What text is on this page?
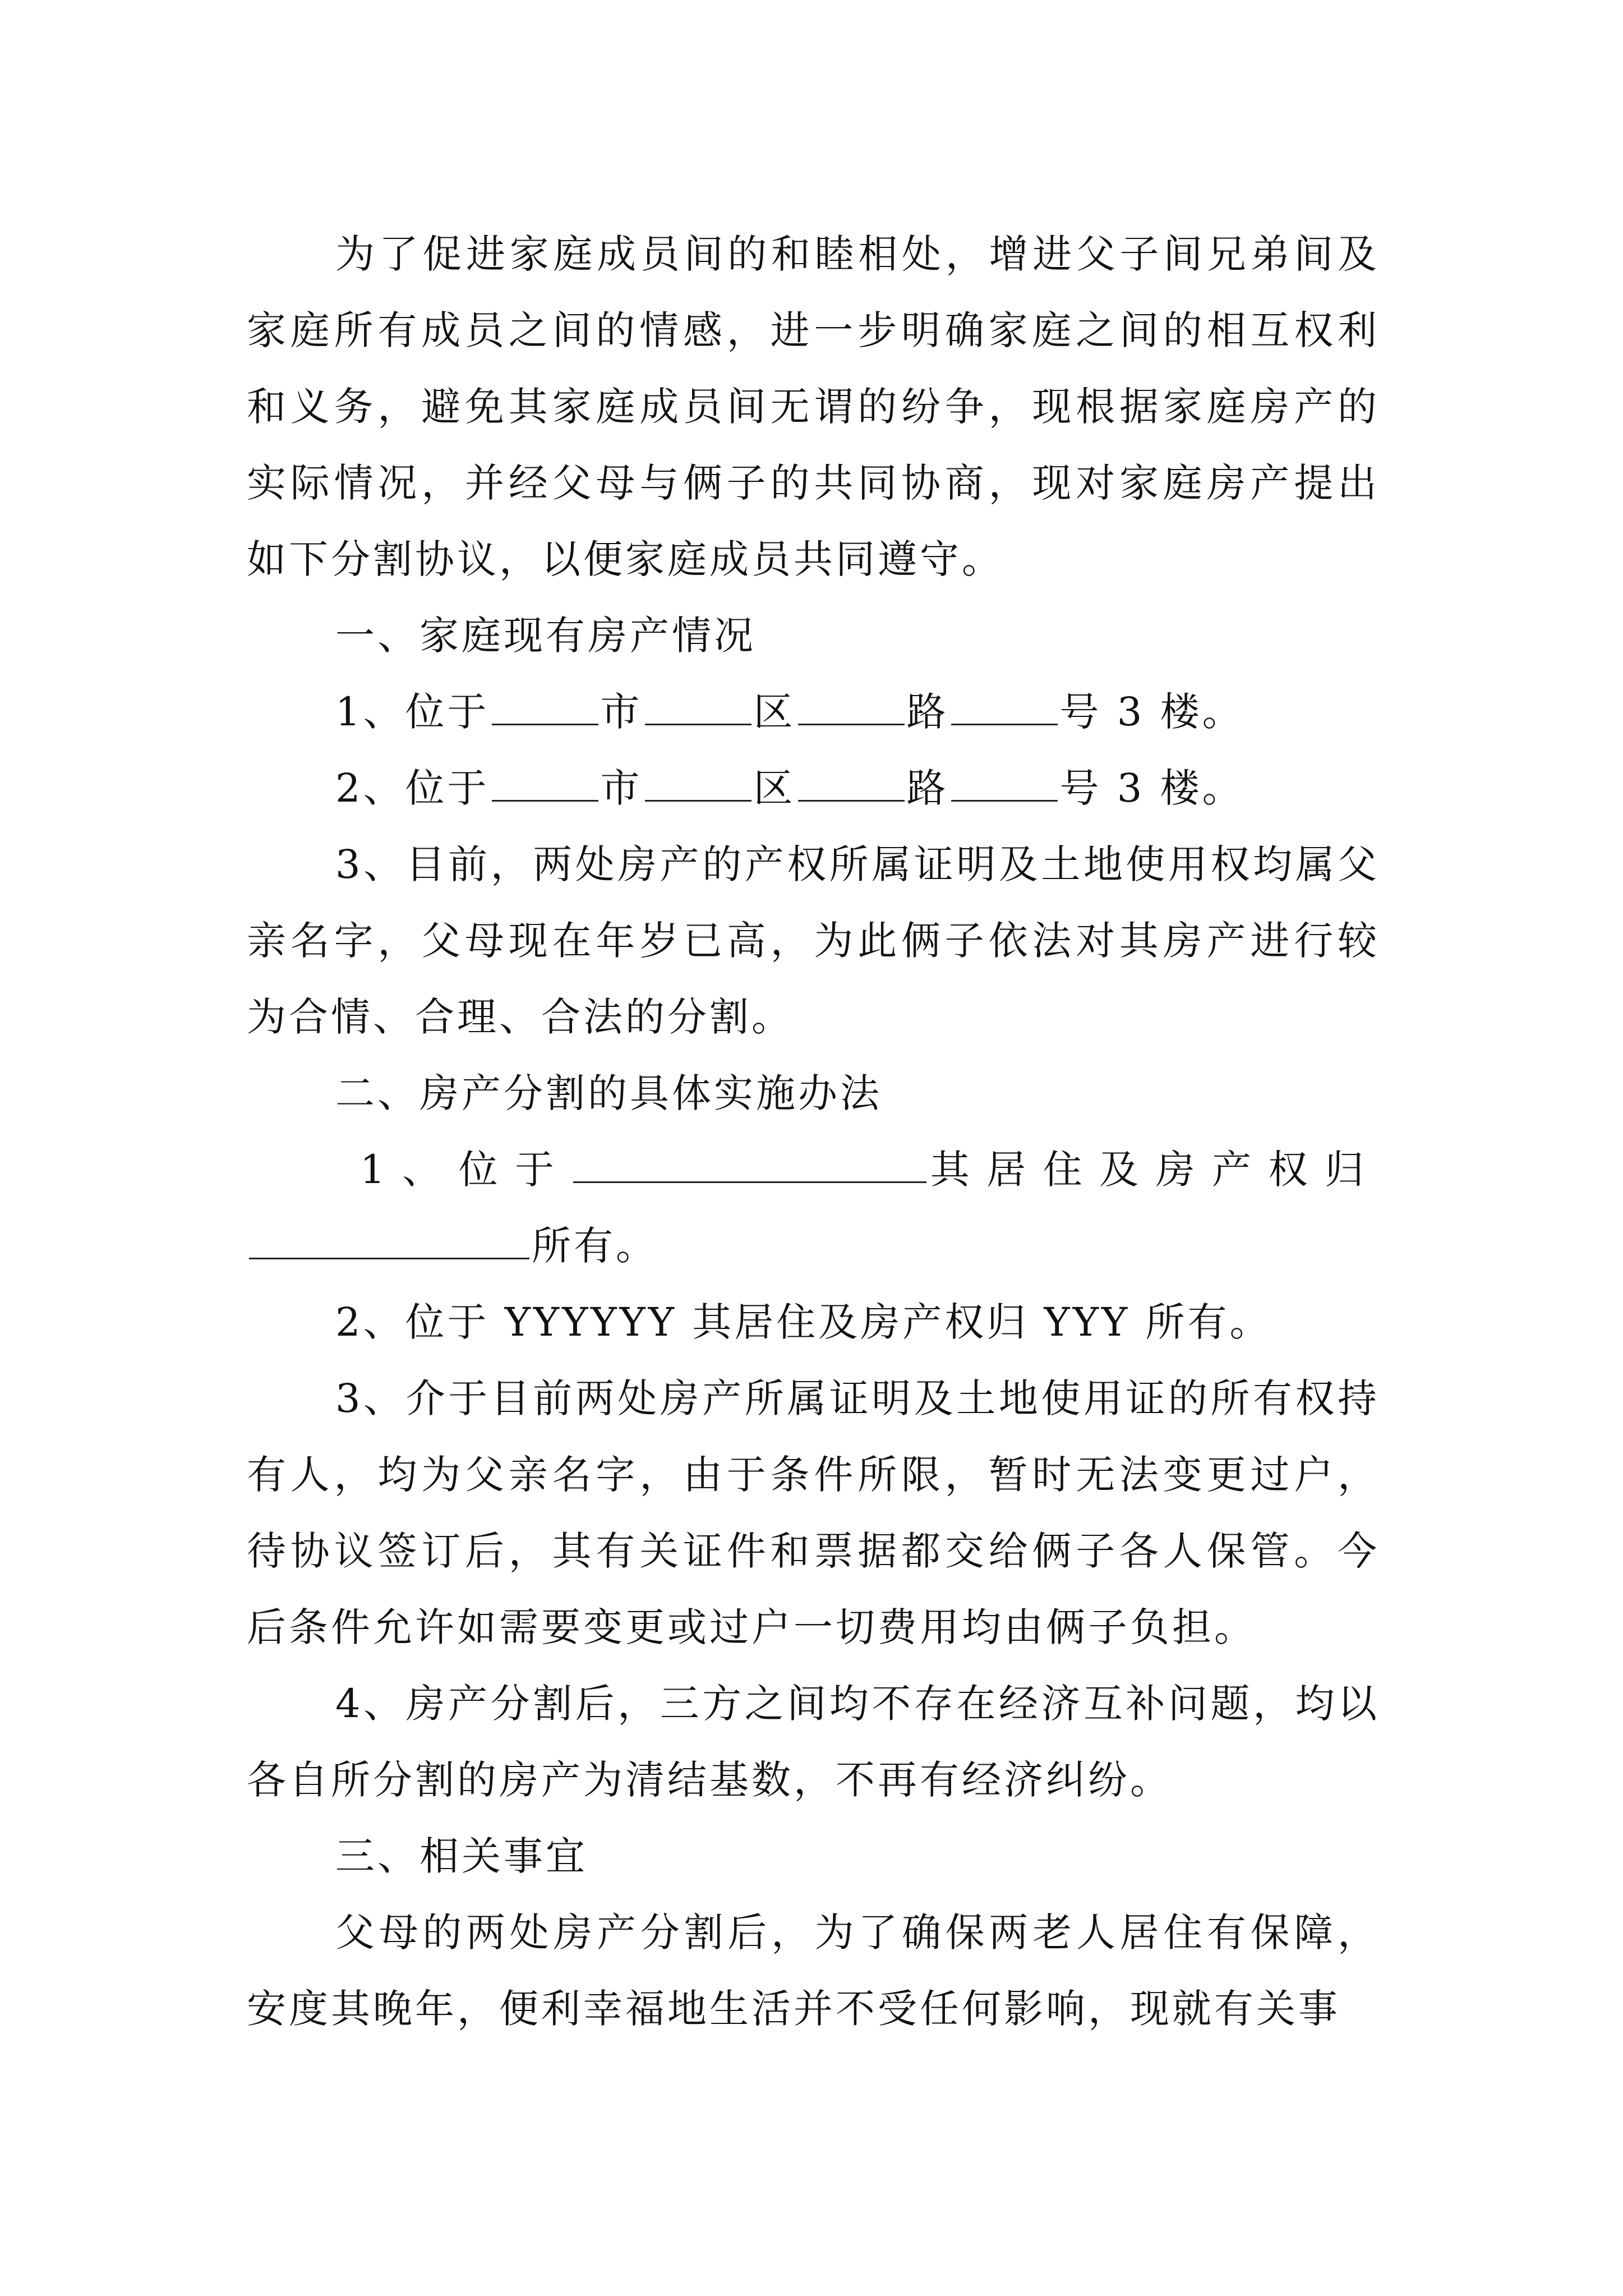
为了促进家庭成员间的和睦相处，增进父子间兄弟间及家庭所有成员之间的情感，进一步明确家庭之间的相互权利和义务，避免其家庭成员间无谓的纷争，现根据家庭房产的实际情况，并经父母与俩子的共同协商，现对家庭房产提出如下分割协议，以便家庭成员共同遵守。

一、家庭现有房产情况

1、位于	市	区	路	号 3 楼。

2、位于	市	区	路	号 3 楼。

3、目前，两处房产的产权所属证明及土地使用权均属父亲名字，父母现在年岁已高，为此俩子依法对其房产进行较为合情、合理、合法的分割。

二、房产分割的具体实施办法

1、位于	其居住及房产权归

所有。

2、位于 YYYYYY 其居住及房产权归 YYY 所有。

3、介于目前两处房产所属证明及土地使用证的所有权持有人，均为父亲名字，由于条件所限，暂时无法变更过户，待协议签订后，其有关证件和票据都交给俩子各人保管。今后条件允许如需要变更或过户一切费用均由俩子负担。

4、房产分割后，三方之间均不存在经济互补问题，均以各自所分割的房产为清结基数，不再有经济纠纷。

三、相关事宜

父母的两处房产分割后，为了确保两老人居住有保障，安度其晚年，便利幸福地生活并不受任何影响，现就有关事
